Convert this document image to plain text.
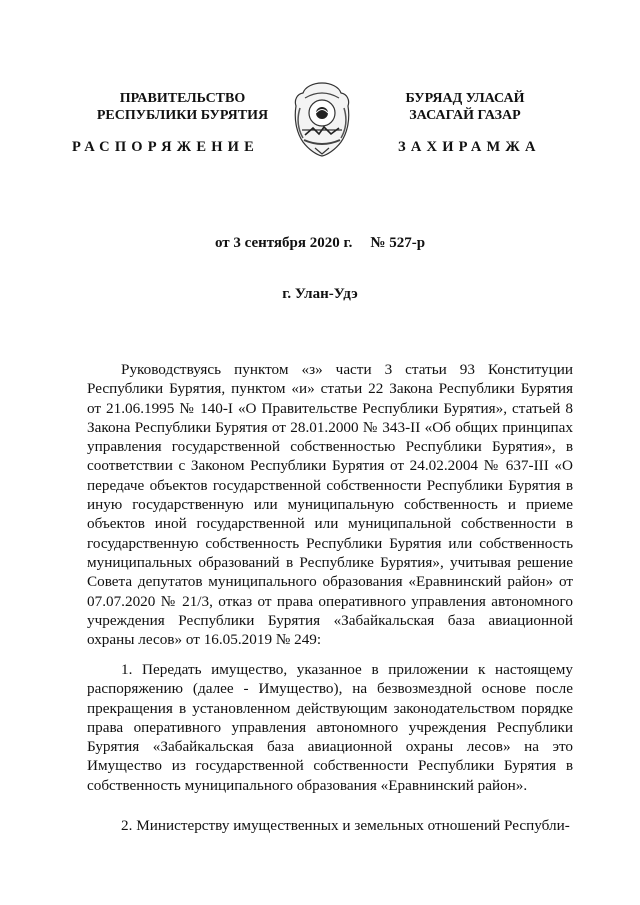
ПРАВИТЕЛЬСТВО
РЕСПУБЛИКИ БУРЯТИЯ
БУРЯАД УЛАСАЙ
ЗАСАГАЙ ГАЗАР
РАСПОРЯЖЕНИЕ	ЗАХИРАМЖА
от 3 сентября 2020 г. № 527-р
г. Улан-Удэ

Руководствуясь пунктом «з» части 3 статьи 93 Конституции Республики Бурятия, пунктом «и» статьи 22 Закона Республики Бурятия от 21.06.1995 № 140-I «О Правительстве Республики Бурятия», статьей 8 Закона Республики Бурятия от 28.01.2000 № 343-II «Об общих принципах управления государственной собственностью Республики Бурятия», в соответствии с Законом Республики Бурятия от 24.02.2004 № 637-III «О передаче объектов государственной собственности Республики Бурятия в иную государственную или муниципальную собственность и приеме объектов иной государственной или муниципальной собственности в государственную собственность Республики Бурятия или собственность муниципальных образований в Республике Бурятия», учитывая решение Совета депутатов муниципального образования «Еравнинский район» от 07.07.2020 № 21/3, отказ от права оперативного управления автономного учреждения Республики Бурятия «Забайкальская база авиационной охраны лесов» от 16.05.2019 № 249:

1. Передать имущество, указанное в приложении к настоящему распоряжению (далее - Имущество), на безвозмездной основе после прекращения в установленном действующим законодательством порядке права оперативного управления автономного учреждения Республики Бурятия «Забайкальская база авиационной охраны лесов» на это Имущество из государственной собственности Республики Бурятия в собственность муниципального образования «Еравнинский район».

2. Министерству имущественных и земельных отношений Республи-
